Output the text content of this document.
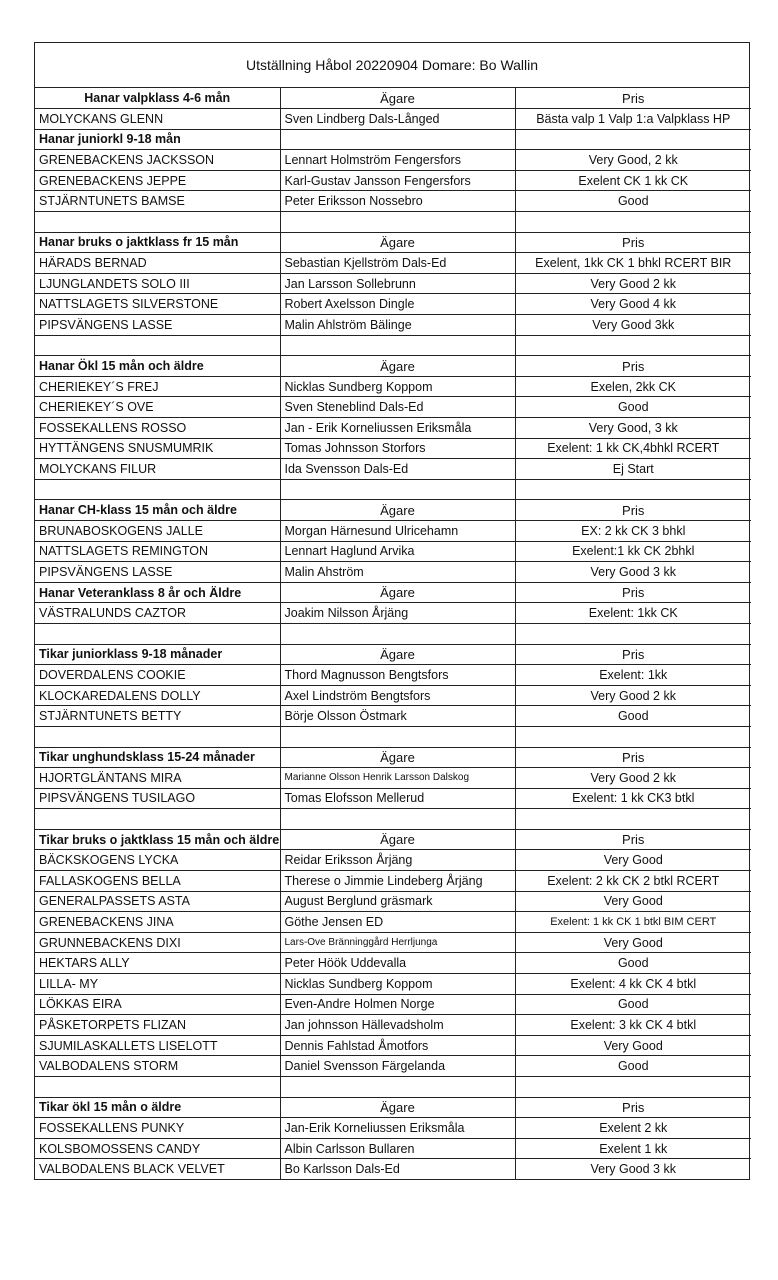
Utställning Håbol 20220904 Domare: Bo Wallin
Hanar valpklass 4-6 mån	Ägare	Pris
MOLYCKANS GLENN	Sven Lindberg Dals-Långed	Bästa valp 1 Valp 1:a Valpklass HP
Hanar juniorkl 9-18 mån		
GRENEBACKENS JACKSSON	Lennart Holmström Fengersfors	Very Good, 2 kk
GRENEBACKENS JEPPE	Karl-Gustav Jansson Fengersfors	Exelent CK 1 kk CK
STJÄRNTUNETS BAMSE	Peter Eriksson Nossebro	Good

Hanar bruks o jaktklass fr 15 mån	Ägare	Pris
HÄRADS BERNAD	Sebastian Kjellström Dals-Ed	Exelent, 1kk CK 1 bhkl RCERT BIR
LJUNGLANDETS SOLO III	Jan Larsson Sollebrunn	Very Good 2 kk
NATTSLAGETS SILVERSTONE	Robert Axelsson Dingle	Very Good 4 kk
PIPSVÄNGENS LASSE	Malin Ahlström Bälinge	Very Good 3kk

Hanar Ökl 15 mån och äldre	Ägare	Pris
CHERIEKEY´S FREJ	Nicklas Sundberg Koppom	Exelen, 2kk CK
CHERIEKEY´S OVE	Sven Steneblind Dals-Ed	Good
FOSSEKALLENS ROSSO	Jan - Erik Korneliussen Eriksmåla	Very Good, 3 kk
HYTTÄNGENS SNUSMUMRIK	Tomas Johnsson Storfors	Exelent: 1 kk CK,4bhkl RCERT
MOLYCKANS FILUR	Ida Svensson Dals-Ed	Ej Start

Hanar CH-klass 15 mån och äldre	Ägare	Pris
BRUNABOSKOGENS JALLE	Morgan Härnesund Ulricehamn	EX: 2 kk CK 3 bhkl
NATTSLAGETS REMINGTON	Lennart Haglund Arvika	Exelent:1 kk CK 2bhkl
PIPSVÄNGENS LASSE	Malin Ahström	Very Good 3 kk
Hanar Veteranklass 8 år och Äldre	Ägare	Pris
VÄSTRALUNDS CAZTOR	Joakim Nilsson Årjäng	Exelent: 1kk CK

Tikar juniorklass 9-18 månader	Ägare	Pris
DOVERDALENS COOKIE	Thord Magnusson Bengtsfors	Exelent: 1kk
KLOCKAREDALENS DOLLY	Axel Lindström Bengtsfors	Very Good 2 kk
STJÄRNTUNETS BETTY	Börje Olsson Östmark	Good

Tikar unghundsklass 15-24 månader	Ägare	Pris
HJORTGLÄNTANS MIRA	Marianne Olsson Henrik Larsson Dalskog	Very Good 2 kk
PIPSVÄNGENS TUSILAGO	Tomas Elofsson Mellerud	Exelent: 1 kk CK3 btkl

Tikar bruks o jaktklass 15 mån och äldre	Ägare	Pris
BÄCKSKOGENS LYCKA	Reidar Eriksson Årjäng	Very Good
FALLASKOGENS BELLA	Therese o Jimmie Lindeberg Årjäng	Exelent: 2 kk CK 2 btkl RCERT
GENERALPASSETS ASTA	August Berglund gräsmark	Very Good
GRENEBACKENS JINA	Göthe Jensen ED	Exelent: 1 kk CK 1 btkl BIM CERT
GRUNNEBACKENS DIXI	Lars-Ove Bränninggård Herrljunga	Very Good
HEKTARS ALLY	Peter Höök Uddevalla	Good
LILLA- MY	Nicklas Sundberg Koppom	Exelent: 4 kk CK 4 btkl
LÖKKAS EIRA	Even-Andre Holmen Norge	Good
PÅSKETORPETS FLIZAN	Jan johnsson Hällevadsholm	Exelent: 3 kk CK 4 btkl
SJUMILASKALLETS LISELOTT	Dennis Fahlstad Åmotfors	Very Good
VALBODALENS STORM	Daniel Svensson Färgelanda	Good

Tikar ökl 15 mån o äldre	Ägare	Pris
FOSSEKALLENS PUNKY	Jan-Erik Korneliussen Eriksmåla	Exelent 2 kk
KOLSBOMOSSENS CANDY	Albin Carlsson Bullaren	Exelent 1 kk
VALBODALENS BLACK VELVET	Bo Karlsson Dals-Ed	Very Good 3 kk
